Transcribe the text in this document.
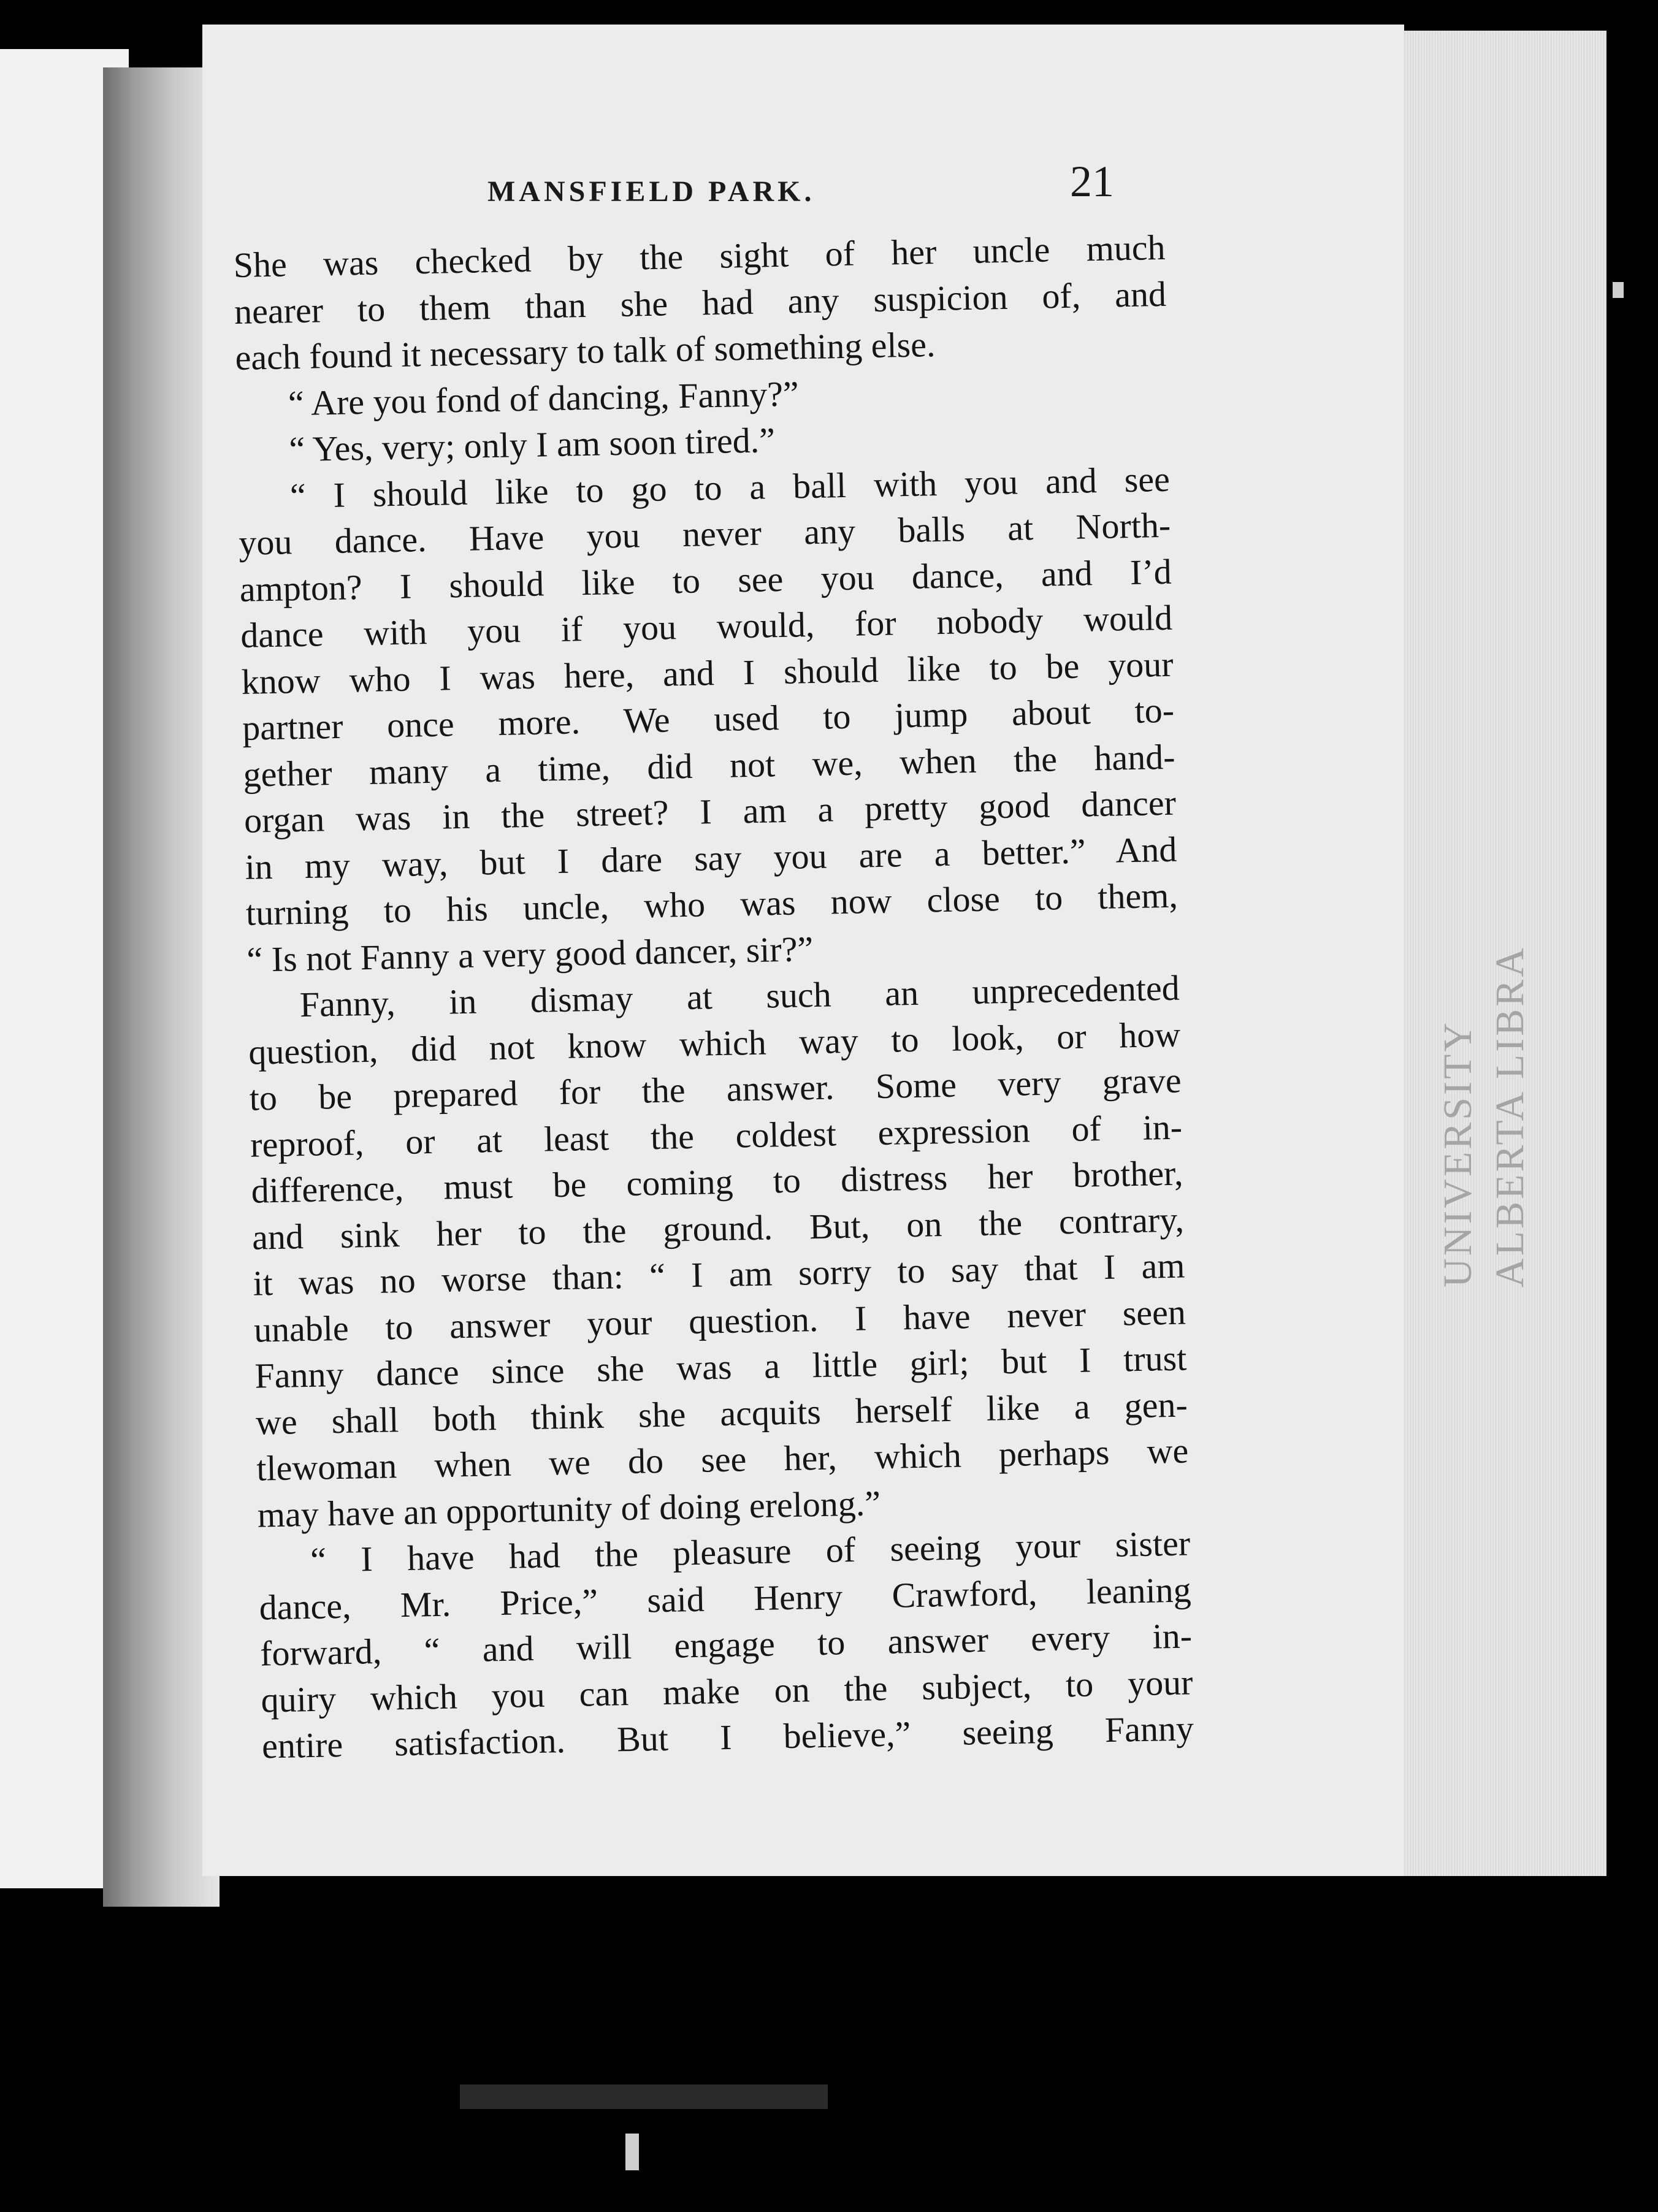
UNIVERSITY ALBERTA LIBRA
MANSFIELD PARK.	21
She was checked by the sight of her uncle much
nearer to them than she had any suspicion of, and
each found it necessary to talk of something else.
“ Are you fond of dancing, Fanny?”
“ Yes, very; only I am soon tired.”
“ I should like to go to a ball with you and see
you dance. Have you never any balls at North-
ampton? I should like to see you dance, and I’d
dance with you if you would, for nobody would
know who I was here, and I should like to be your
partner once more. We used to jump about to-
gether many a time, did not we, when the hand-
organ was in the street? I am a pretty good dancer
in my way, but I dare say you are a better.” And
turning to his uncle, who was now close to them,
“ Is not Fanny a very good dancer, sir?”
Fanny, in dismay at such an unprecedented
question, did not know which way to look, or how
to be prepared for the answer. Some very grave
reproof, or at least the coldest expression of in-
difference, must be coming to distress her brother,
and sink her to the ground. But, on the contrary,
it was no worse than: “ I am sorry to say that I am
unable to answer your question. I have never seen
Fanny dance since she was a little girl; but I trust
we shall both think she acquits herself like a gen-
tlewoman when we do see her, which perhaps we
may have an opportunity of doing erelong.”
“ I have had the pleasure of seeing your sister
dance, Mr. Price,” said Henry Crawford, leaning
forward, “ and will engage to answer every in-
quiry which you can make on the subject, to your
entire satisfaction. But I believe,” seeing Fanny
